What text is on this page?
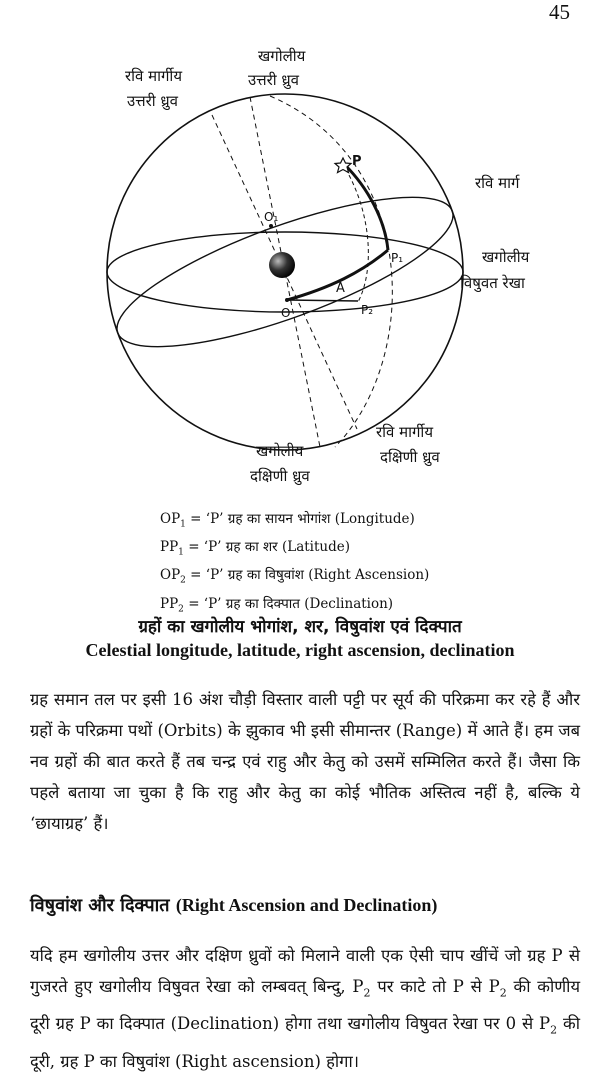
45
रवि मार्गीय
उत्तरी ध्रुव
खगोलीय
उत्तरी ध्रुव
रवि मार्ग
खगोलीय
विषुवत रेखा
खगोलीय
दक्षिणी ध्रुव
रवि मार्गीय
दक्षिणी ध्रुव
P
P₁
P₂
O
O₁
A
$OP_1$ = ‘P’ ग्रह का सायन भोगांश (Longitude)
$PP_1$ = ‘P’ ग्रह का शर (Latitude)
$OP_2$ = ‘P’ ग्रह का विषुवांश (Right Ascension)
$PP_2$ = ‘P’ ग्रह का दिक्पात (Declination)
ग्रहों का खगोलीय भोगांश, शर, विषुवांश एवं दिक्पात
Celestial longitude, latitude, right ascension, declination

ग्रह समान तल पर इसी 16 अंश चौड़ी विस्तार वाली पट्टी पर सूर्य की परिक्रमा कर रहे हैं और ग्रहों के परिक्रमा पथों (Orbits) के झुकाव भी इसी सीमान्तर (Range) में आते हैं। हम जब नव ग्रहों की बात करते हैं तब चन्द्र एवं राहु और केतु को उसमें सम्मिलित करते हैं। जैसा कि पहले बताया जा चुका है कि राहु और केतु का कोई भौतिक अस्तित्व नहीं है, बल्कि ये ‘छायाग्रह’ हैं।

विषुवांश और दिक्पात (Right Ascension and Declination)

यदि हम खगोलीय उत्तर और दक्षिण ध्रुवों को मिलाने वाली एक ऐसी चाप खींचें जो ग्रह P से गुजरते हुए खगोलीय विषुवत रेखा को लम्बवत् बिन्दु, $P_2$ पर काटे तो P से $P_2$ की कोणीय दूरी ग्रह P का दिक्पात (Declination) होगा तथा खगोलीय विषुवत रेखा पर 0 से $P_2$ की दूरी, ग्रह P का विषुवांश (Right ascension) होगा।
